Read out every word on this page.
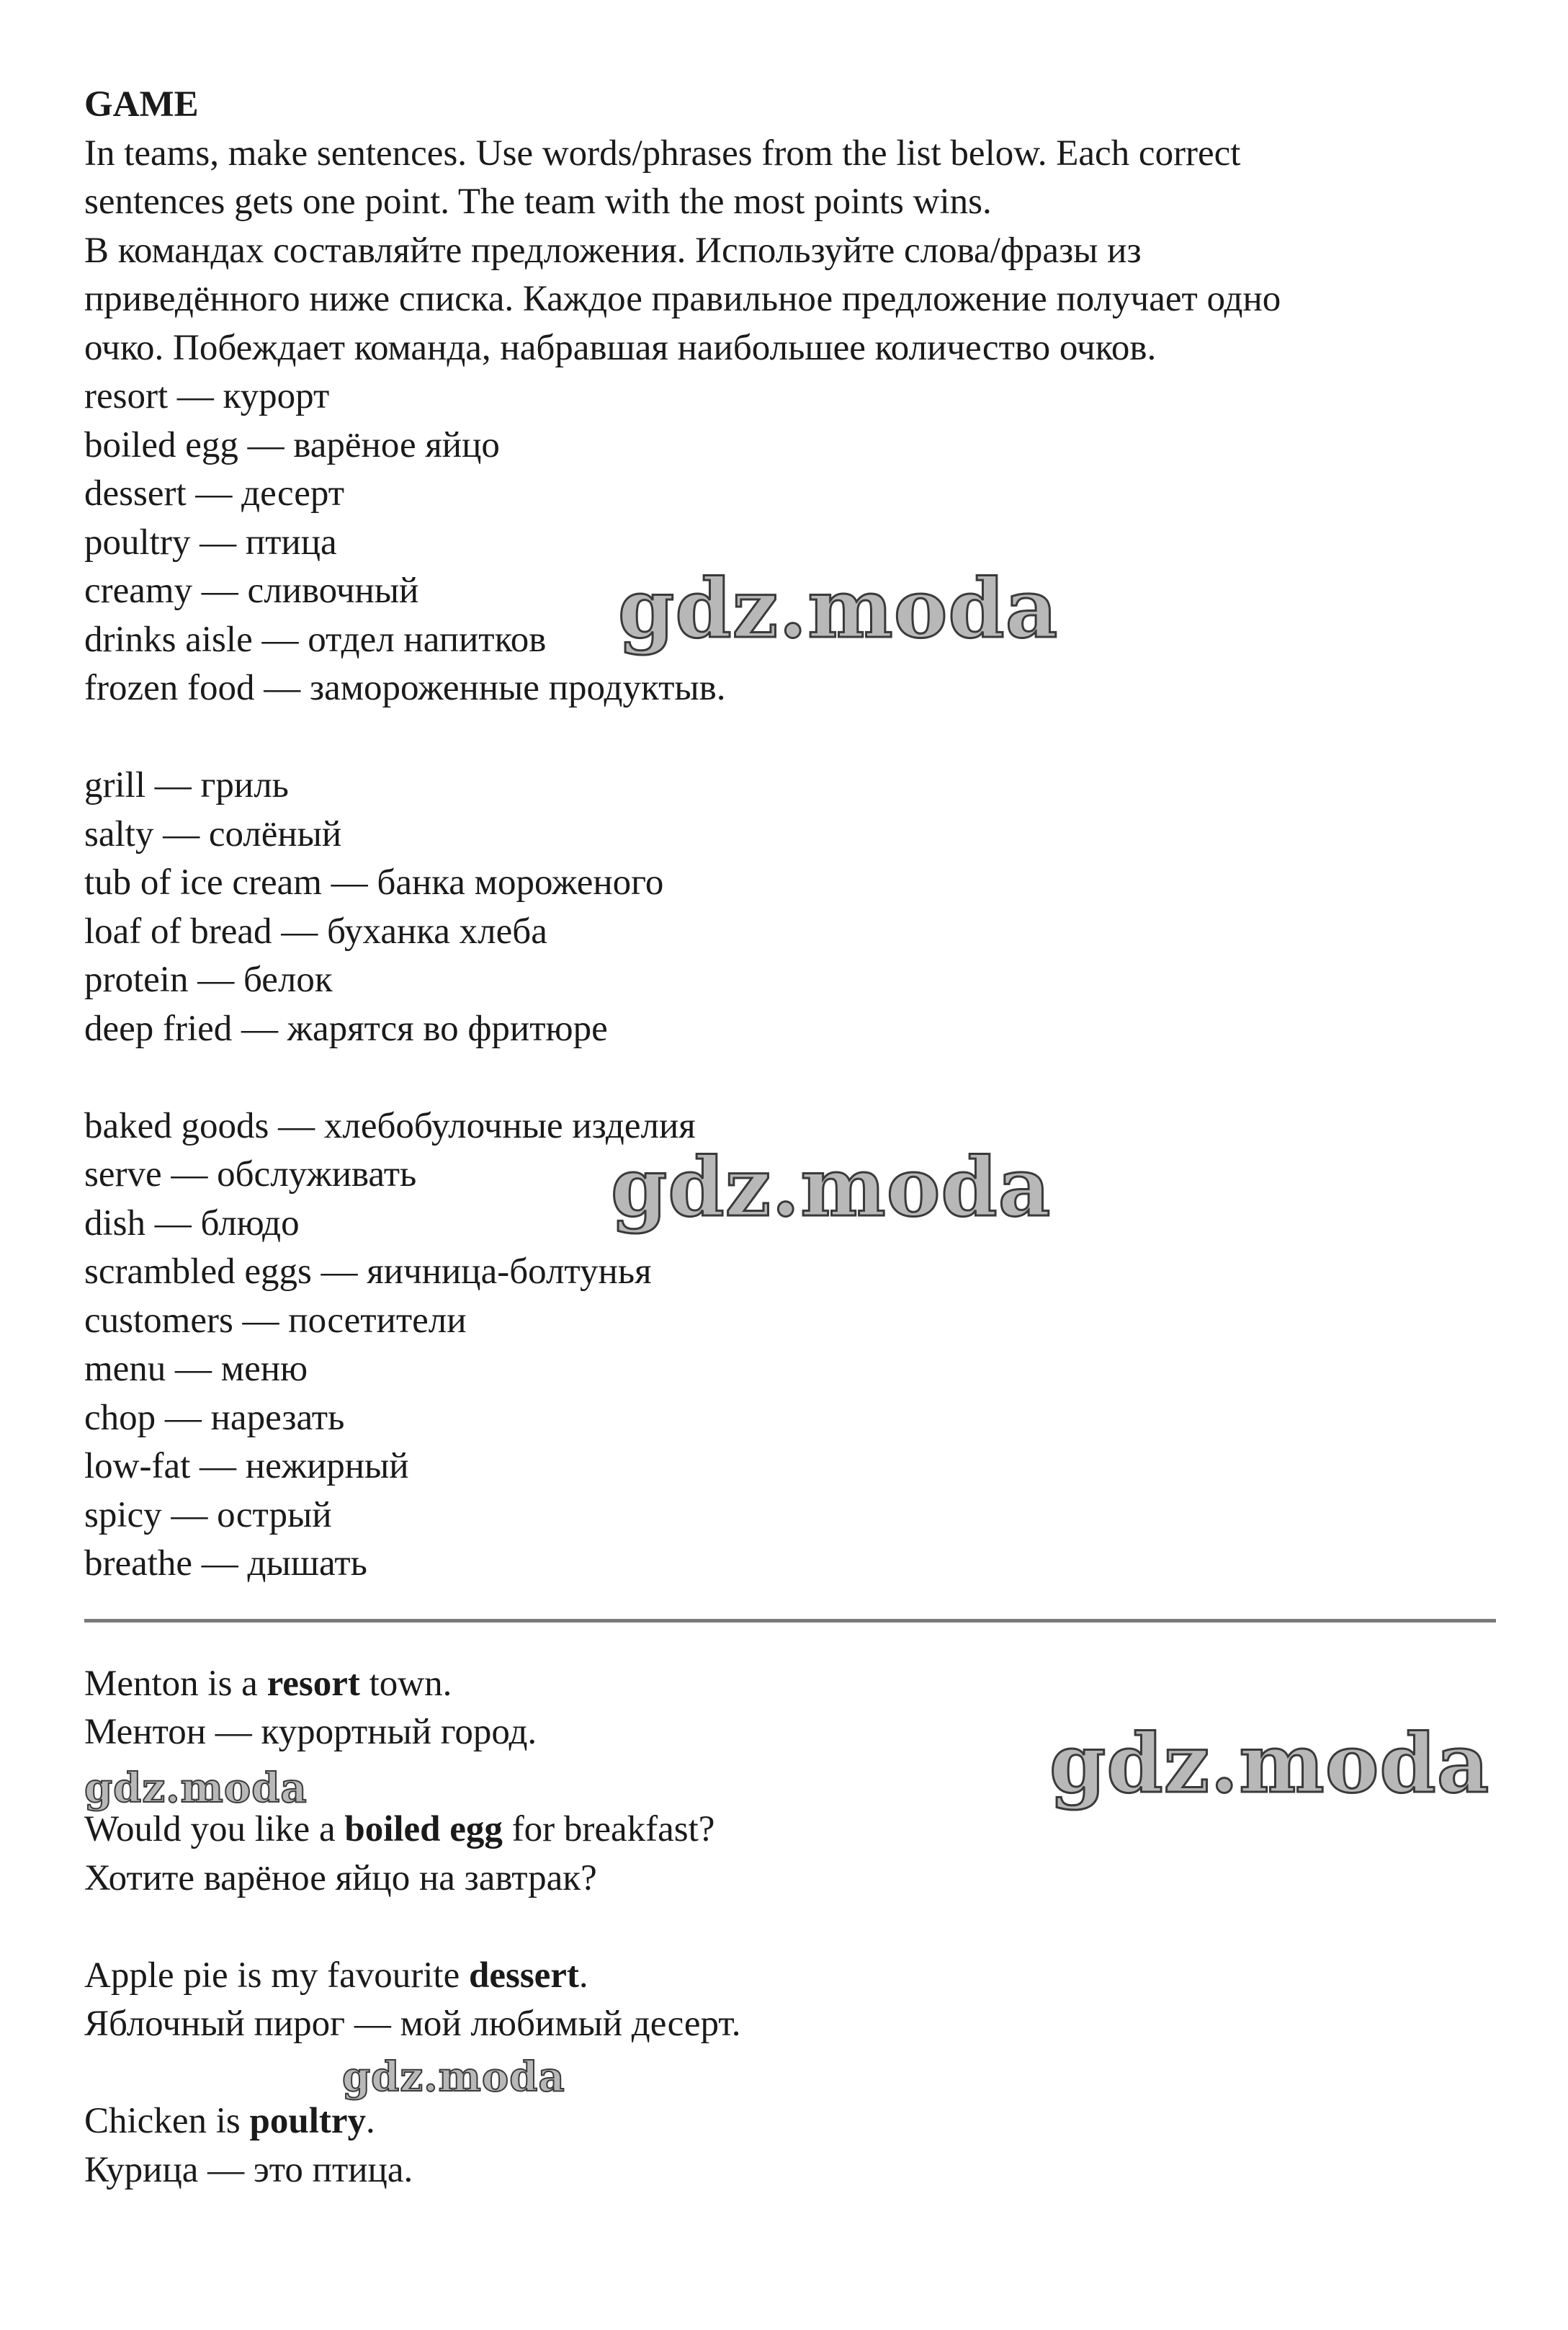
GAME
In teams, make sentences. Use words/phrases from the list below. Each correct
sentences gets one point. The team with the most points wins.
В командах составляйте предложения. Используйте слова/фразы из
приведённого ниже списка. Каждое правильное предложение получает одно
очко. Побеждает команда, набравшая наибольшее количество очков.
resort — курорт
boiled egg — варёное яйцо
dessert — десерт
poultry — птица
creamy — сливочный
drinks aisle — отдел напитков
frozen food — замороженные продуктыв.
grill — гриль
salty — солёный
tub of ice cream — банка мороженого
loaf of bread — буханка хлеба
protein — белок
deep fried — жарятся во фритюре
baked goods — хлебобулочные изделия
serve — обслуживать
dish — блюдо
scrambled eggs — яичница-болтунья
customers — посетители
menu — меню
chop — нарезать
low-fat — нежирный
spicy — острый
breathe — дышать
Menton is a resort town.
Ментон — курортный город.
Would you like a boiled egg for breakfast?
Хотите варёное яйцо на завтрак?
Apple pie is my favourite dessert.
Яблочный пирог — мой любимый десерт.
Chicken is poultry.
Курица — это птица.
gdz.moda
gdz.moda
gdz.moda
gdz.moda
gdz.moda
